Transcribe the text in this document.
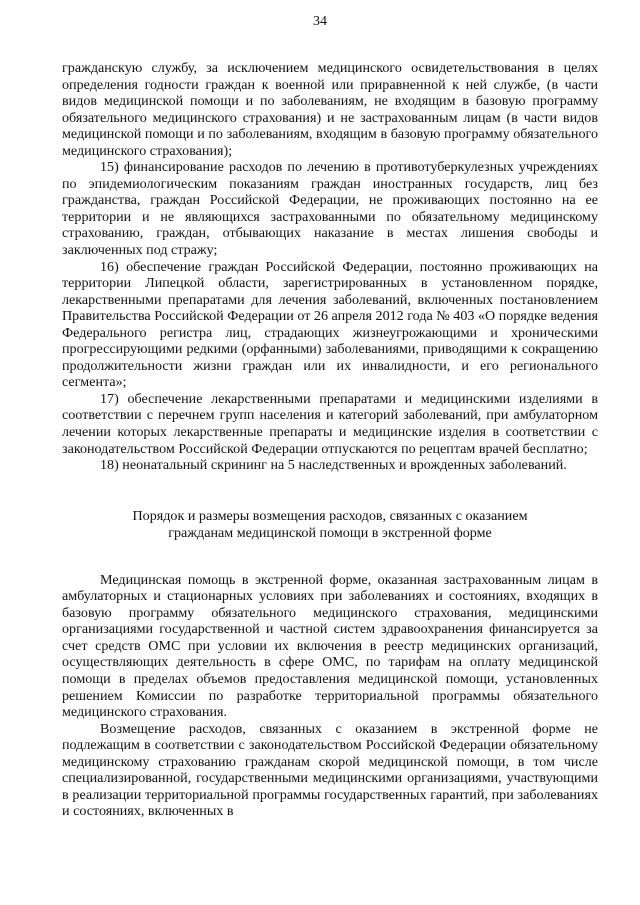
34

гражданскую службу, за исключением медицинского освидетельствования в целях определения годности граждан к военной или приравненной к ней службе, (в части видов медицинской помощи и по заболеваниям, не входящим в базовую программу обязательного медицинского страхования) и не застрахованным лицам (в части видов медицинской помощи и по заболеваниям, входящим в базовую программу обязательного медицинского страхования);

15) финансирование расходов по лечению в противотуберкулезных учреждениях по эпидемиологическим показаниям граждан иностранных государств, лиц без гражданства, граждан Российской Федерации, не проживающих постоянно на ее территории и не являющихся застрахованными по обязательному медицинскому страхованию, граждан, отбывающих наказание в местах лишения свободы и заключенных под стражу;

16) обеспечение граждан Российской Федерации, постоянно проживающих на территории Липецкой области, зарегистрированных в установленном порядке, лекарственными препаратами для лечения заболеваний, включенных постановлением Правительства Российской Федерации от 26 апреля 2012 года № 403 «О порядке ведения Федерального регистра лиц, страдающих жизнеугрожающими и хроническими прогрессирующими редкими (орфанными) заболеваниями, приводящими к сокращению продолжительности жизни граждан или их инвалидности, и его регионального сегмента»;

17) обеспечение лекарственными препаратами и медицинскими изделиями в соответствии с перечнем групп населения и категорий заболеваний, при амбулаторном лечении которых лекарственные препараты и медицинские изделия в соответствии с законодательством Российской Федерации отпускаются по рецептам врачей бесплатно;

18) неонатальный скрининг на 5 наследственных и врожденных заболеваний.

Порядок и размеры возмещения расходов, связанных с оказанием
гражданам медицинской помощи в экстренной форме

Медицинская помощь в экстренной форме, оказанная застрахованным лицам в амбулаторных и стационарных условиях при заболеваниях и состояниях, входящих в базовую программу обязательного медицинского страхования, медицинскими организациями государственной и частной систем здравоохранения финансируется за счет средств ОМС при условии их включения в реестр медицинских организаций, осуществляющих деятельность в сфере ОМС, по тарифам на оплату медицинской помощи в пределах объемов предоставления медицинской помощи, установленных решением Комиссии по разработке территориальной программы обязательного медицинского страхования.

Возмещение расходов, связанных с оказанием в экстренной форме не подлежащим в соответствии с законодательством Российской Федерации обязательному медицинскому страхованию гражданам скорой медицинской помощи, в том числе специализированной, государственными медицинскими организациями, участвующими в реализации территориальной программы государственных гарантий, при заболеваниях и состояниях, включенных в
